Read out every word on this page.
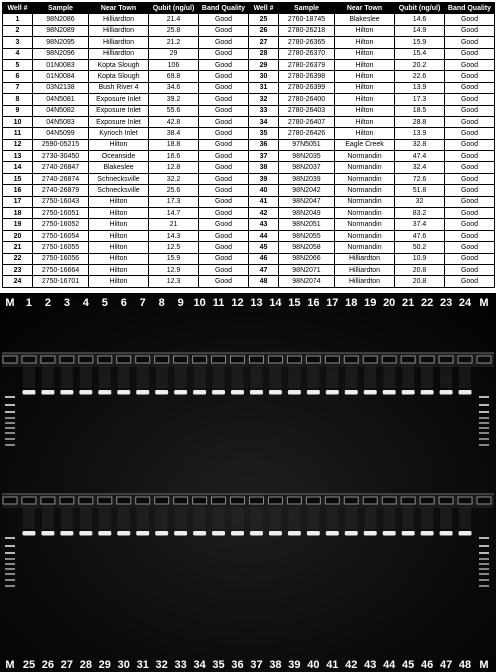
Well #	Sample	Near Town	Qubit (ng/ul)	Band Quality
1	98N2086	Hilliardton	21.4	Good
2	98N2089	Hilliardton	25.8	Good
3	98N2095	Hilliardton	21.2	Good
4	98N2096	Hilliardton	29	Good
5	01N0083	Kopta Slough	106	Good
6	01N0084	Kopta Slough	69.8	Good
7	03N2138	Bush River 4	34.6	Good
8	04N5081	Exposure Inlet	39.2	Good
9	04N5082	Exposure Inlet	55.6	Good
10	04N5083	Exposure Inlet	42.8	Good
11	04N5099	Kynoch Inlet	38.4	Good
12	2590-05215	Hilton	18.8	Good
13	2730-30450	Oceanside	16.6	Good
14	2740-26847	Blakeslee	12.8	Good
15	2740-26874	Schnecksville	32.2	Good
16	2740-26879	Schnecksville	25.6	Good
17	2750-16043	Hilton	17.3	Good
18	2750-16051	Hilton	14.7	Good
19	2750-16052	Hilton	21	Good
20	2750-16054	Hilton	14.3	Good
21	2750-16055	Hilton	12.5	Good
22	2750-16056	Hilton	15.9	Good
23	2750-16664	Hilton	12.9	Good
24	2750-16701	Hilton	12.3	Good
Well #	Sample	Near Town	Qubit (ng/ul)	Band Quality
25	2760-18745	Blakeslee	14.6	Good
26	2780-26218	Hilton	14.9	Good
27	2780-26365	Hilton	15.9	Good
28	2780-26370	Hilton	15.4	Good
29	2780-26379	Hilton	20.2	Good
30	2780-26398	Hilton	22.6	Good
31	2780-26399	Hilton	13.9	Good
32	2780-26400	Hilton	17.3	Good
33	2780-26403	Hilton	18.5	Good
34	2780-26407	Hilton	28.8	Good
35	2780-26426	Hilton	13.9	Good
36	97N5051	Eagle Creek	32.8	Good
37	98N2035	Normandin	47.4	Good
38	98N2037	Normandin	32.4	Good
39	98N2039	Normandin	72.6	Good
40	98N2042	Normandin	51.8	Good
41	98N2047	Normandin	32	Good
42	98N2049	Normandin	83.2	Good
43	98N2051	Normandin	37.4	Good
44	98N2055	Normandin	47.6	Good
45	98N2058	Normandin	50.2	Good
46	98N2066	Hilliardton	10.9	Good
47	98N2071	Hilliardton	20.8	Good
48	98N2074	Hilliardton	20.8	Good
M 1 2 3 4 5 6 7 8 9 10 11 12 13 14 15 16 17 18 19 20 21 22 23 24 M
M 25 26 27 28 29 30 31 32 33 34 35 36 37 38 39 40 41 42 43 44 45 46 47 48 M
